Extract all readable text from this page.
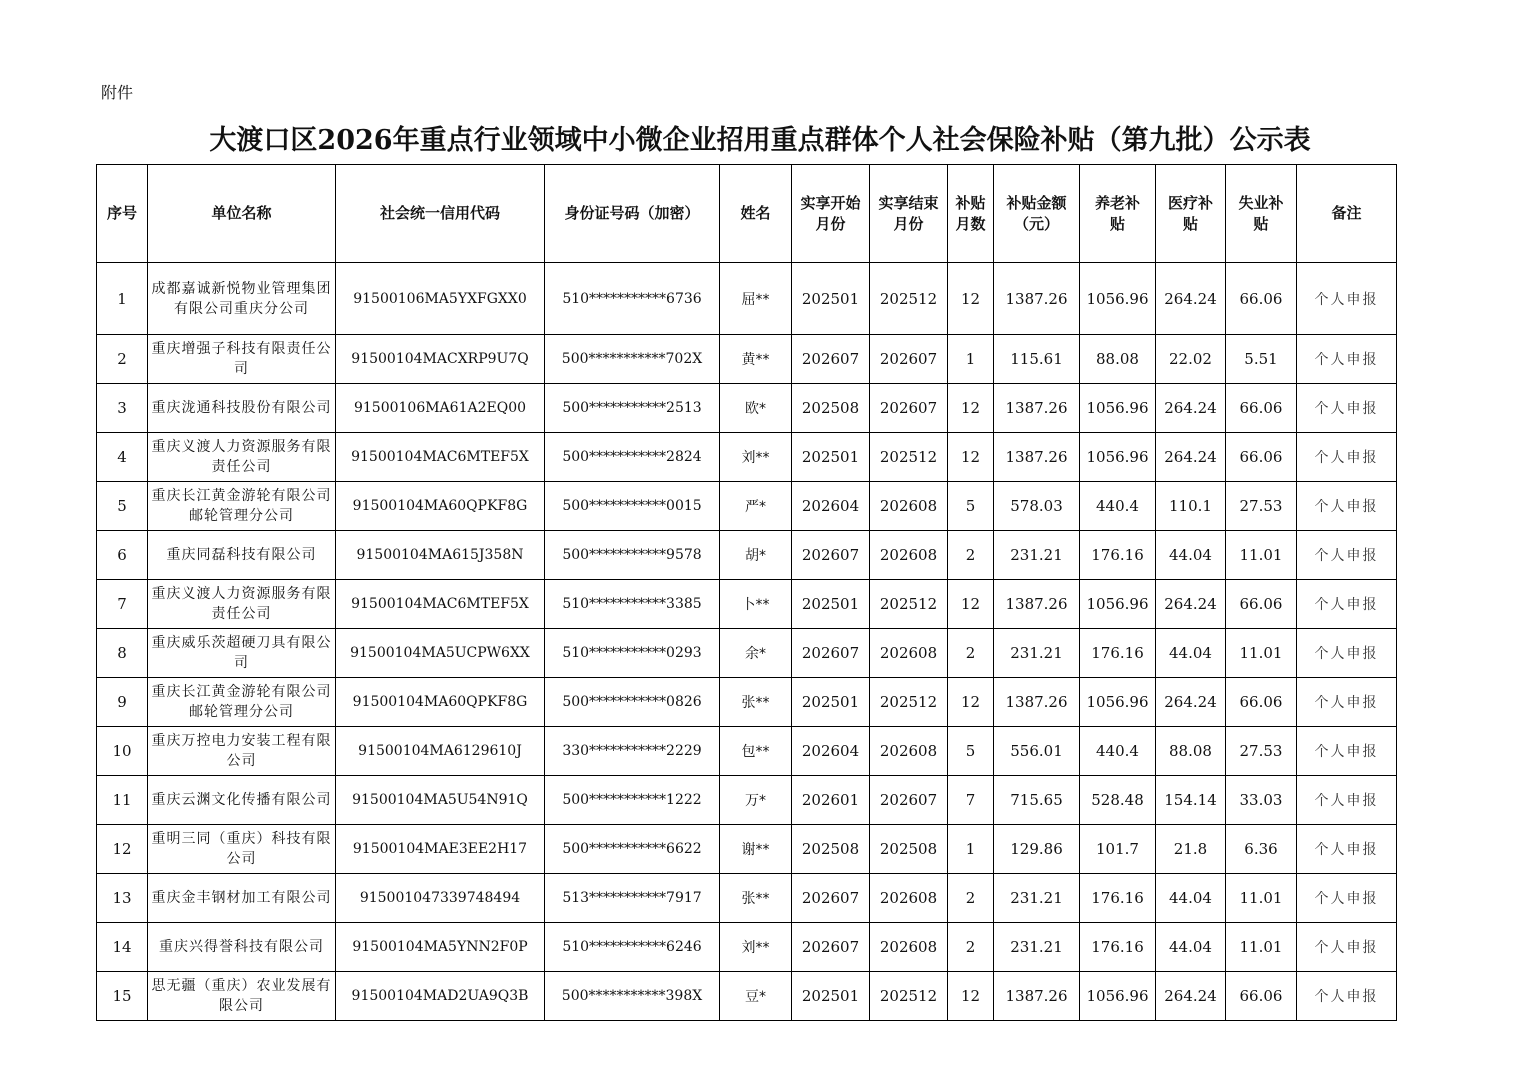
附件
大渡口区2026年重点行业领域中小微企业招用重点群体个人社会保险补贴（第九批）公示表
序号	单位名称	社会统一信用代码	身份证号码（加密）	姓名	实享开始月份	实享结束月份	补贴月数	补贴金额（元）	养老补贴	医疗补贴	失业补贴	备注
1	成都嘉诚新悦物业管理集团有限公司重庆分公司	91500106MA5YXFGXX0	510***********6736	屈**	202501	202512	12	1387.26	1056.96	264.24	66.06	个人申报
2	重庆增强子科技有限责任公司	91500104MACXRP9U7Q	500***********702X	黄**	202607	202607	1	115.61	88.08	22.02	5.51	个人申报
3	重庆泷通科技股份有限公司	91500106MA61A2EQ00	500***********2513	欧*	202508	202607	12	1387.26	1056.96	264.24	66.06	个人申报
4	重庆义渡人力资源服务有限责任公司	91500104MAC6MTEF5X	500***********2824	刘**	202501	202512	12	1387.26	1056.96	264.24	66.06	个人申报
5	重庆长江黄金游轮有限公司邮轮管理分公司	91500104MA60QPKF8G	500***********0015	严*	202604	202608	5	578.03	440.4	110.1	27.53	个人申报
6	重庆同磊科技有限公司	91500104MA615J358N	500***********9578	胡*	202607	202608	2	231.21	176.16	44.04	11.01	个人申报
7	重庆义渡人力资源服务有限责任公司	91500104MAC6MTEF5X	510***********3385	卜**	202501	202512	12	1387.26	1056.96	264.24	66.06	个人申报
8	重庆威乐茨超硬刀具有限公司	91500104MA5UCPW6XX	510***********0293	余*	202607	202608	2	231.21	176.16	44.04	11.01	个人申报
9	重庆长江黄金游轮有限公司邮轮管理分公司	91500104MA60QPKF8G	500***********0826	张**	202501	202512	12	1387.26	1056.96	264.24	66.06	个人申报
10	重庆万控电力安装工程有限公司	91500104MA6129610J	330***********2229	包**	202604	202608	5	556.01	440.4	88.08	27.53	个人申报
11	重庆云渊文化传播有限公司	91500104MA5U54N91Q	500***********1222	万*	202601	202607	7	715.65	528.48	154.14	33.03	个人申报
12	重明三同（重庆）科技有限公司	91500104MAE3EE2H17	500***********6622	谢**	202508	202508	1	129.86	101.7	21.8	6.36	个人申报
13	重庆金丰钢材加工有限公司	915001047339748494	513***********7917	张**	202607	202608	2	231.21	176.16	44.04	11.01	个人申报
14	重庆兴得誉科技有限公司	91500104MA5YNN2F0P	510***********6246	刘**	202607	202608	2	231.21	176.16	44.04	11.01	个人申报
15	思无疆（重庆）农业发展有限公司	91500104MAD2UA9Q3B	500***********398X	豆*	202501	202512	12	1387.26	1056.96	264.24	66.06	个人申报
